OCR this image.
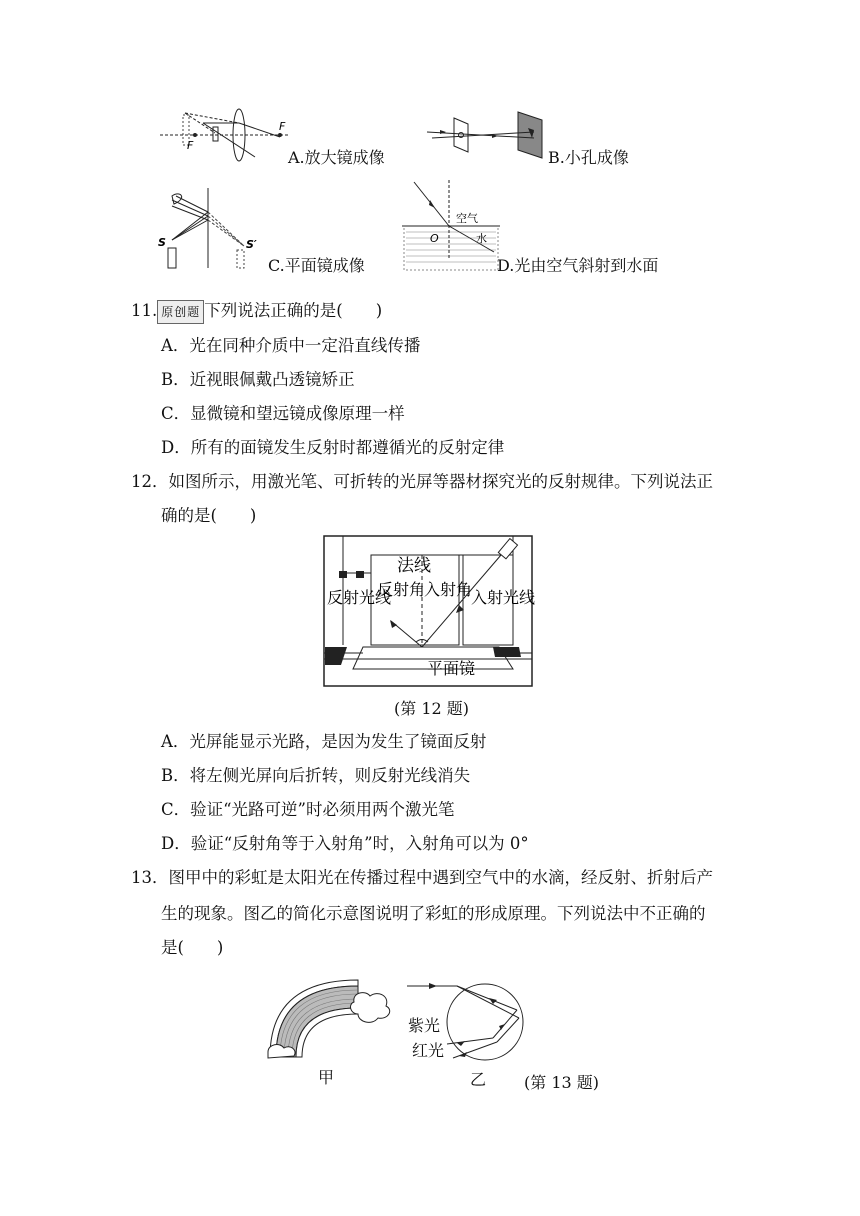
F
F
A.放大镜成像	B.小孔成像
S	S′
C.平面镜成像
空气
水
O
D.光由空气斜射到水面
11. 原创题 下列说法正确的是(　　)
A．光在同种介质中一定沿直线传播
B．近视眼佩戴凸透镜矫正
C．显微镜和望远镜成像原理一样
D．所有的面镜发生反射时都遵循光的反射定律
12．如图所示，用激光笔、可折转的光屏等器材探究光的反射规律。下列说法正
确的是(　　)
法线
反射角
入射角
反射光线	入射光线
平面镜
(第 12 题)
A．光屏能显示光路，是因为发生了镜面反射
B．将左侧光屏向后折转，则反射光线消失
C．验证“光路可逆”时必须用两个激光笔
D．验证“反射角等于入射角”时，入射角可以为 0°
13．图甲中的彩虹是太阳光在传播过程中遇到空气中的水滴，经反射、折射后产
生的现象。图乙的简化示意图说明了彩虹的形成原理。下列说法中不正确的
是(　　)
甲
紫光
红光
乙 (第 13 题)
